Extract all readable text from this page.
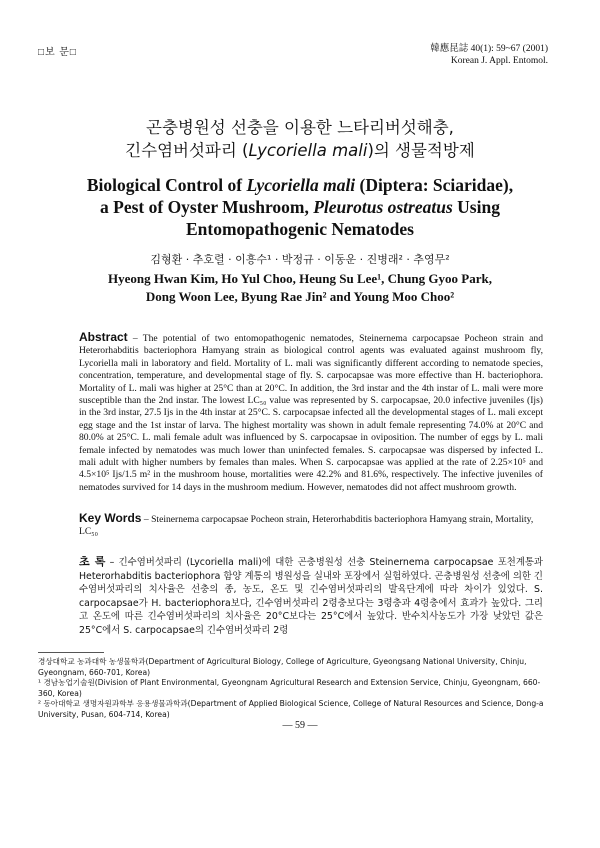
□보 문□	韓應昆誌 40(1): 59~67 (2001)
Korean J. Appl. Entomol.
곤충병원성 선충을 이용한 느타리버섯해충,
긴수염버섯파리 (Lycoriella mali)의 생물적방제
Biological Control of Lycoriella mali (Diptera: Sciaridae),
a Pest of Oyster Mushroom, Pleurotus ostreatus Using
Entomopathogenic Nematodes
김형환 · 추호렬 · 이흥수¹ · 박정규 · 이동운 · 진병래² · 추영무²
Hyeong Hwan Kim, Ho Yul Choo, Heung Su Lee¹, Chung Gyoo Park,
Dong Woon Lee, Byung Rae Jin² and Young Moo Choo²
Abstract – The potential of two entomopathogenic nematodes, Steinernema carpocapsae Pocheon strain and Heterorhabditis bacteriophora Hamyang strain as biological control agents was evaluated against mushroom fly, Lycoriella mali in laboratory and field. Mortality of L. mali was significantly different according to nematode species, concentration, temperature, and developmental stage of fly. S. carpocapsae was more effective than H. bacteriophora. Mortality of L. mali was higher at 25°C than at 20°C. In addition, the 3rd instar and the 4th instar of L. mali were more susceptible than the 2nd instar. The lowest LC₅₀ value was represented by S. carpocapsae, 20.0 infective juveniles (Ijs) in the 3rd instar, 27.5 Ijs in the 4th instar at 25°C. S. carpocapsae infected all the developmental stages of L. mali except egg stage and the 1st instar of larva. The highest mortality was shown in adult female representing 74.0% at 20°C and 80.0% at 25°C. L. mali female adult was influenced by S. carpocapsae in oviposition. The number of eggs by L. mali female infected by nematodes was much lower than uninfected females. S. carpocapsae was dispersed by infected L. mali adult with higher numbers by females than males. When S. carpocapsae was applied at the rate of 2.25×10⁵ and 4.5×10⁵ Ijs/1.5 m² in the mushroom house, mortalities were 42.2% and 81.6%, respectively. The infective juveniles of nematodes survived for 14 days in the mushroom medium. However, nematodes did not affect mushroom growth.
Key Words – Steinernema carpocapsae Pocheon strain, Heterorhabditis bacteriophora Hamyang strain, Mortality, LC₅₀
초 록 – 긴수염버섯파리 (Lycoriella mali)에 대한 곤충병원성 선충 Steinernema carpocapsae 포천계통과 Heterorhabditis bacteriophora 함양 계통의 병원성을 실내와 포장에서 실험하였다. 곤충병원성 선충에 의한 긴수염버섯파리의 치사율은 선충의 종, 농도, 온도 및 긴수염버섯파리의 발육단계에 따라 차이가 있었다. S. carpocapsae가 H. bacteriophora보다, 긴수염버섯파리 2령충보다는 3령충과 4령충에서 효과가 높았다. 그리고 온도에 따른 긴수염버섯파리의 치사율은 20°C보다는 25°C에서 높았다. 반수치사농도가 가장 낮았던 값은 25°C에서 S. carpocapsae의 긴수염버섯파리 2령

경상대학교 농과대학 농생물학과(Department of Agricultural Biology, College of Agriculture, Gyeongsang National University, Chinju, Gyeongnam, 660-701, Korea)

¹ 경남농업기술원(Division of Plant Environmental, Gyeongnam Agricultural Research and Extension Service, Chinju, Gyeongnam, 660-360, Korea)

² 동아대학교 생명자원과학부 응용생물과학과(Department of Applied Biological Science, College of Natural Resources and Science, Dong-a University, Pusan, 604-714, Korea)

— 59 —
